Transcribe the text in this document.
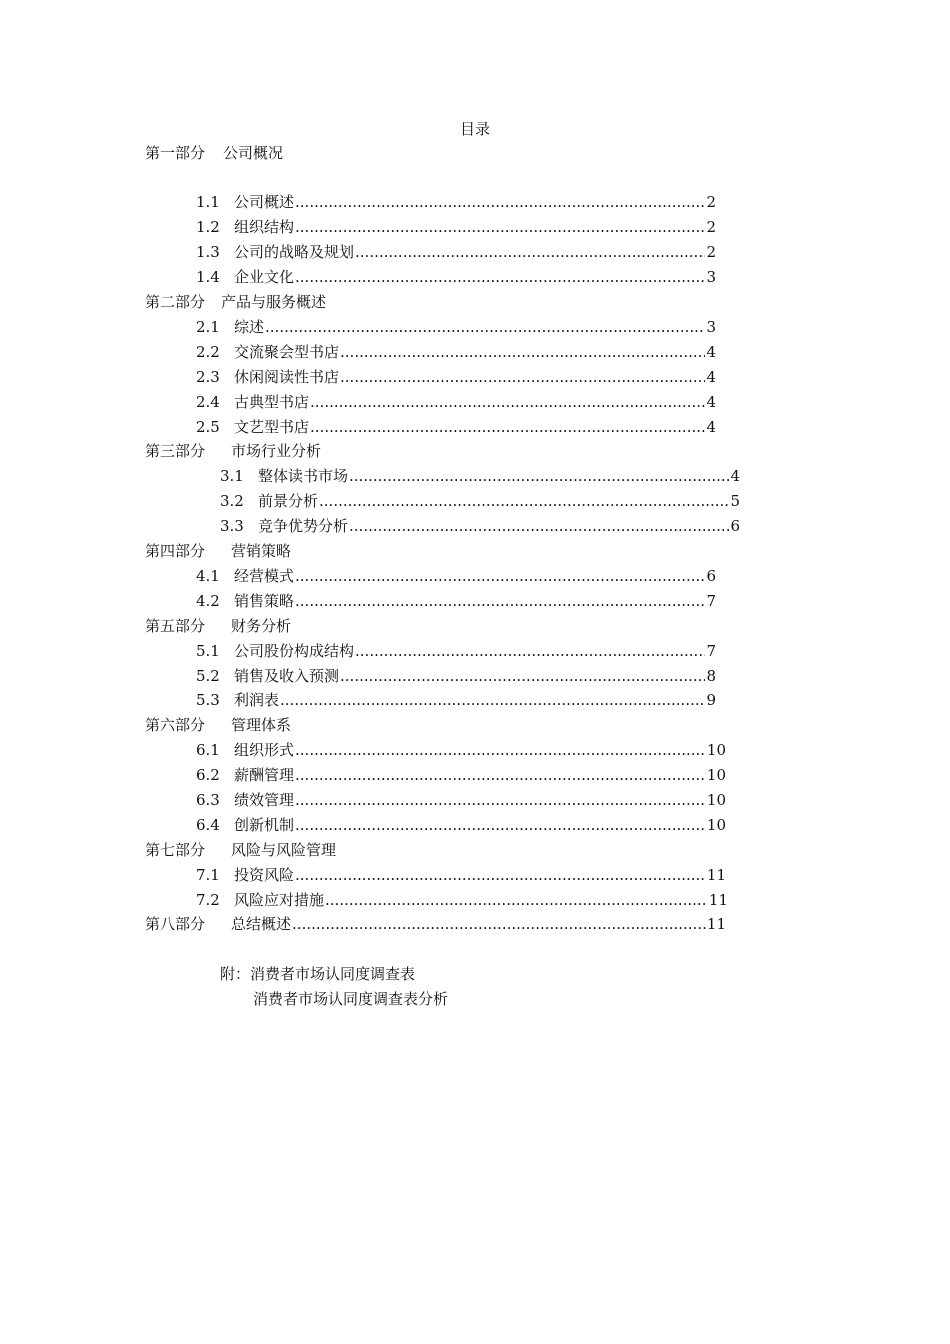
目录
第一部分 公司概况
1.1 公司概述 .....	2
1.2 组织结构 .....	2
1.3 公司的战略及规划 .....	2
1.4 企业文化 .....	3
第二部分 产品与服务概述
2.1 综述 .....	3
2.2 交流聚会型书店 .....	4
2.3 休闲阅读性书店 .....	4
2.4 古典型书店 .....	4
2.5 文艺型书店 .....	4
第三部分 市场行业分析
3.1 整体读书市场 .....	4
3.2 前景分析 .....	5
3.3 竞争优势分析 .....	6
第四部分 营销策略
4.1 经营模式 .....	6
4.2 销售策略 .....	7
第五部分 财务分析
5.1 公司股份构成结构 .....	7
5.2 销售及收入预测 .....	8
5.3 利润表 .....	9
第六部分 管理体系
6.1 组织形式 .....	10
6.2 薪酬管理 .....	10
6.3 绩效管理 .....	10
6.4 创新机制 .....	10
第七部分 风险与风险管理
7.1 投资风险 .....	11
7.2 风险应对措施 .....	11
第八部分 总结概述 .....	11
附：消费者市场认同度调查表
消费者市场认同度调查表分析
